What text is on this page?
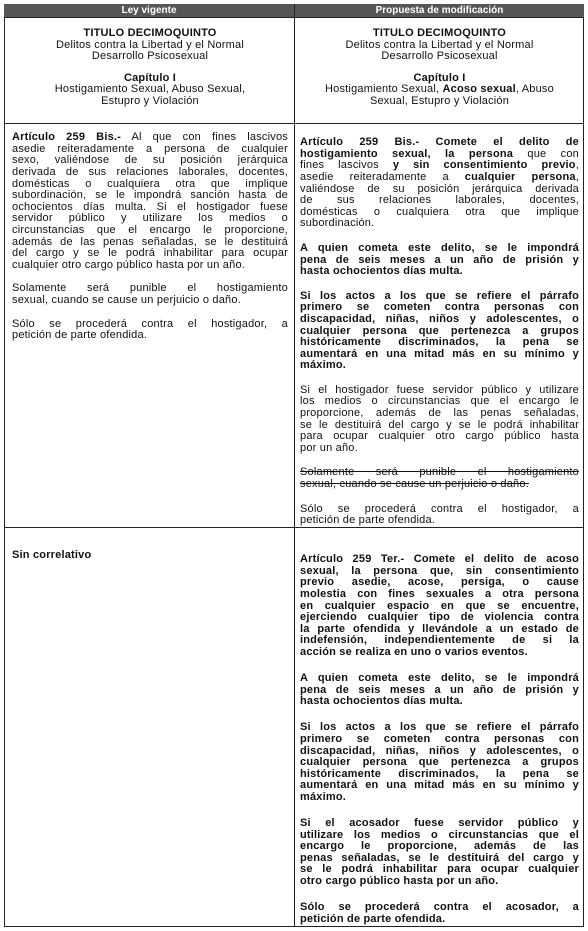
Ley vigente	Propuesta de modificación
TITULO DECIMOQUINTO
Delitos contra la Libertad y el Normal
Desarrollo Psicosexual
Capítulo I
Hostigamiento Sexual, Abuso Sexual,
Estupro y Violación
TITULO DECIMOQUINTO
Delitos contra la Libertad y el Normal
Desarrollo Psicosexual
Capítulo I
Hostigamiento Sexual, Acoso sexual, Abuso
Sexual, Estupro y Violación
Artículo 259 Bis.- Al que con fines lascivos
asedie reiteradamente a persona de cualquier
sexo, valiéndose de su posición jerárquica
derivada de sus relaciones laborales, docentes,
domésticas o cualquiera otra que implique
subordinación, se le impondrá sanción hasta de
ochocientos días multa. Si el hostigador fuese
servidor público y utilizare los medios o
circunstancias que el encargo le proporcione,
además de las penas señaladas, se le destituirá
del cargo y se le podrá inhabilitar para ocupar
cualquier otro cargo público hasta por un año.
Solamente será punible el hostigamiento
sexual, cuando se cause un perjuicio o daño.
Sólo se procederá contra el hostigador, a
petición de parte ofendida.
Artículo 259 Bis.- Comete el delito de
hostigamiento sexual, la persona que con
fines lascivos y sin consentimiento previo,
asedie reiteradamente a cualquier persona,
valiéndose de su posición jerárquica derivada
de sus relaciones laborales, docentes,
domésticas o cualquiera otra que implique
subordinación.
A quien cometa este delito, se le impondrá
pena de seis meses a un año de prisión y
hasta ochocientos días multa.
Si los actos a los que se refiere el párrafo
primero se cometen contra personas con
discapacidad, niñas, niños y adolescentes, o
cualquier persona que pertenezca a grupos
históricamente discriminados, la pena se
aumentará en una mitad más en su mínimo y
máximo.
Si el hostigador fuese servidor público y utilizare
los medios o circunstancias que el encargo le
proporcione, además de las penas señaladas,
se le destituirá del cargo y se le podrá inhabilitar
para ocupar cualquier otro cargo público hasta
por un año.
Solamente será punible el hostigamiento
sexual, cuando se cause un perjuicio o daño.
Sólo se procederá contra el hostigador, a
petición de parte ofendida.
Sin correlativo	Artículo 259 Ter.- Comete el delito de acoso
sexual, la persona que, sin consentimiento
previo asedie, acose, persiga, o cause
molestia con fines sexuales a otra persona
en cualquier espacio en que se encuentre,
ejerciendo cualquier tipo de violencia contra
la parte ofendida y llevándole a un estado de
indefensión, independientemente de si la
acción se realiza en uno o varios eventos.
A quien cometa este delito, se le impondrá
pena de seis meses a un año de prisión y
hasta ochocientos días multa.
Si los actos a los que se refiere el párrafo
primero se cometen contra personas con
discapacidad, niñas, niños y adolescentes, o
cualquier persona que pertenezca a grupos
históricamente discriminados, la pena se
aumentará en una mitad más en su mínimo y
máximo.
Si el acosador fuese servidor público y
utilizare los medios o circunstancias que el
encargo le proporcione, además de las
penas señaladas, se le destituirá del cargo y
se le podrá inhabilitar para ocupar cualquier
otro cargo público hasta por un año.
Sólo se procederá contra el acosador, a
petición de parte ofendida.
